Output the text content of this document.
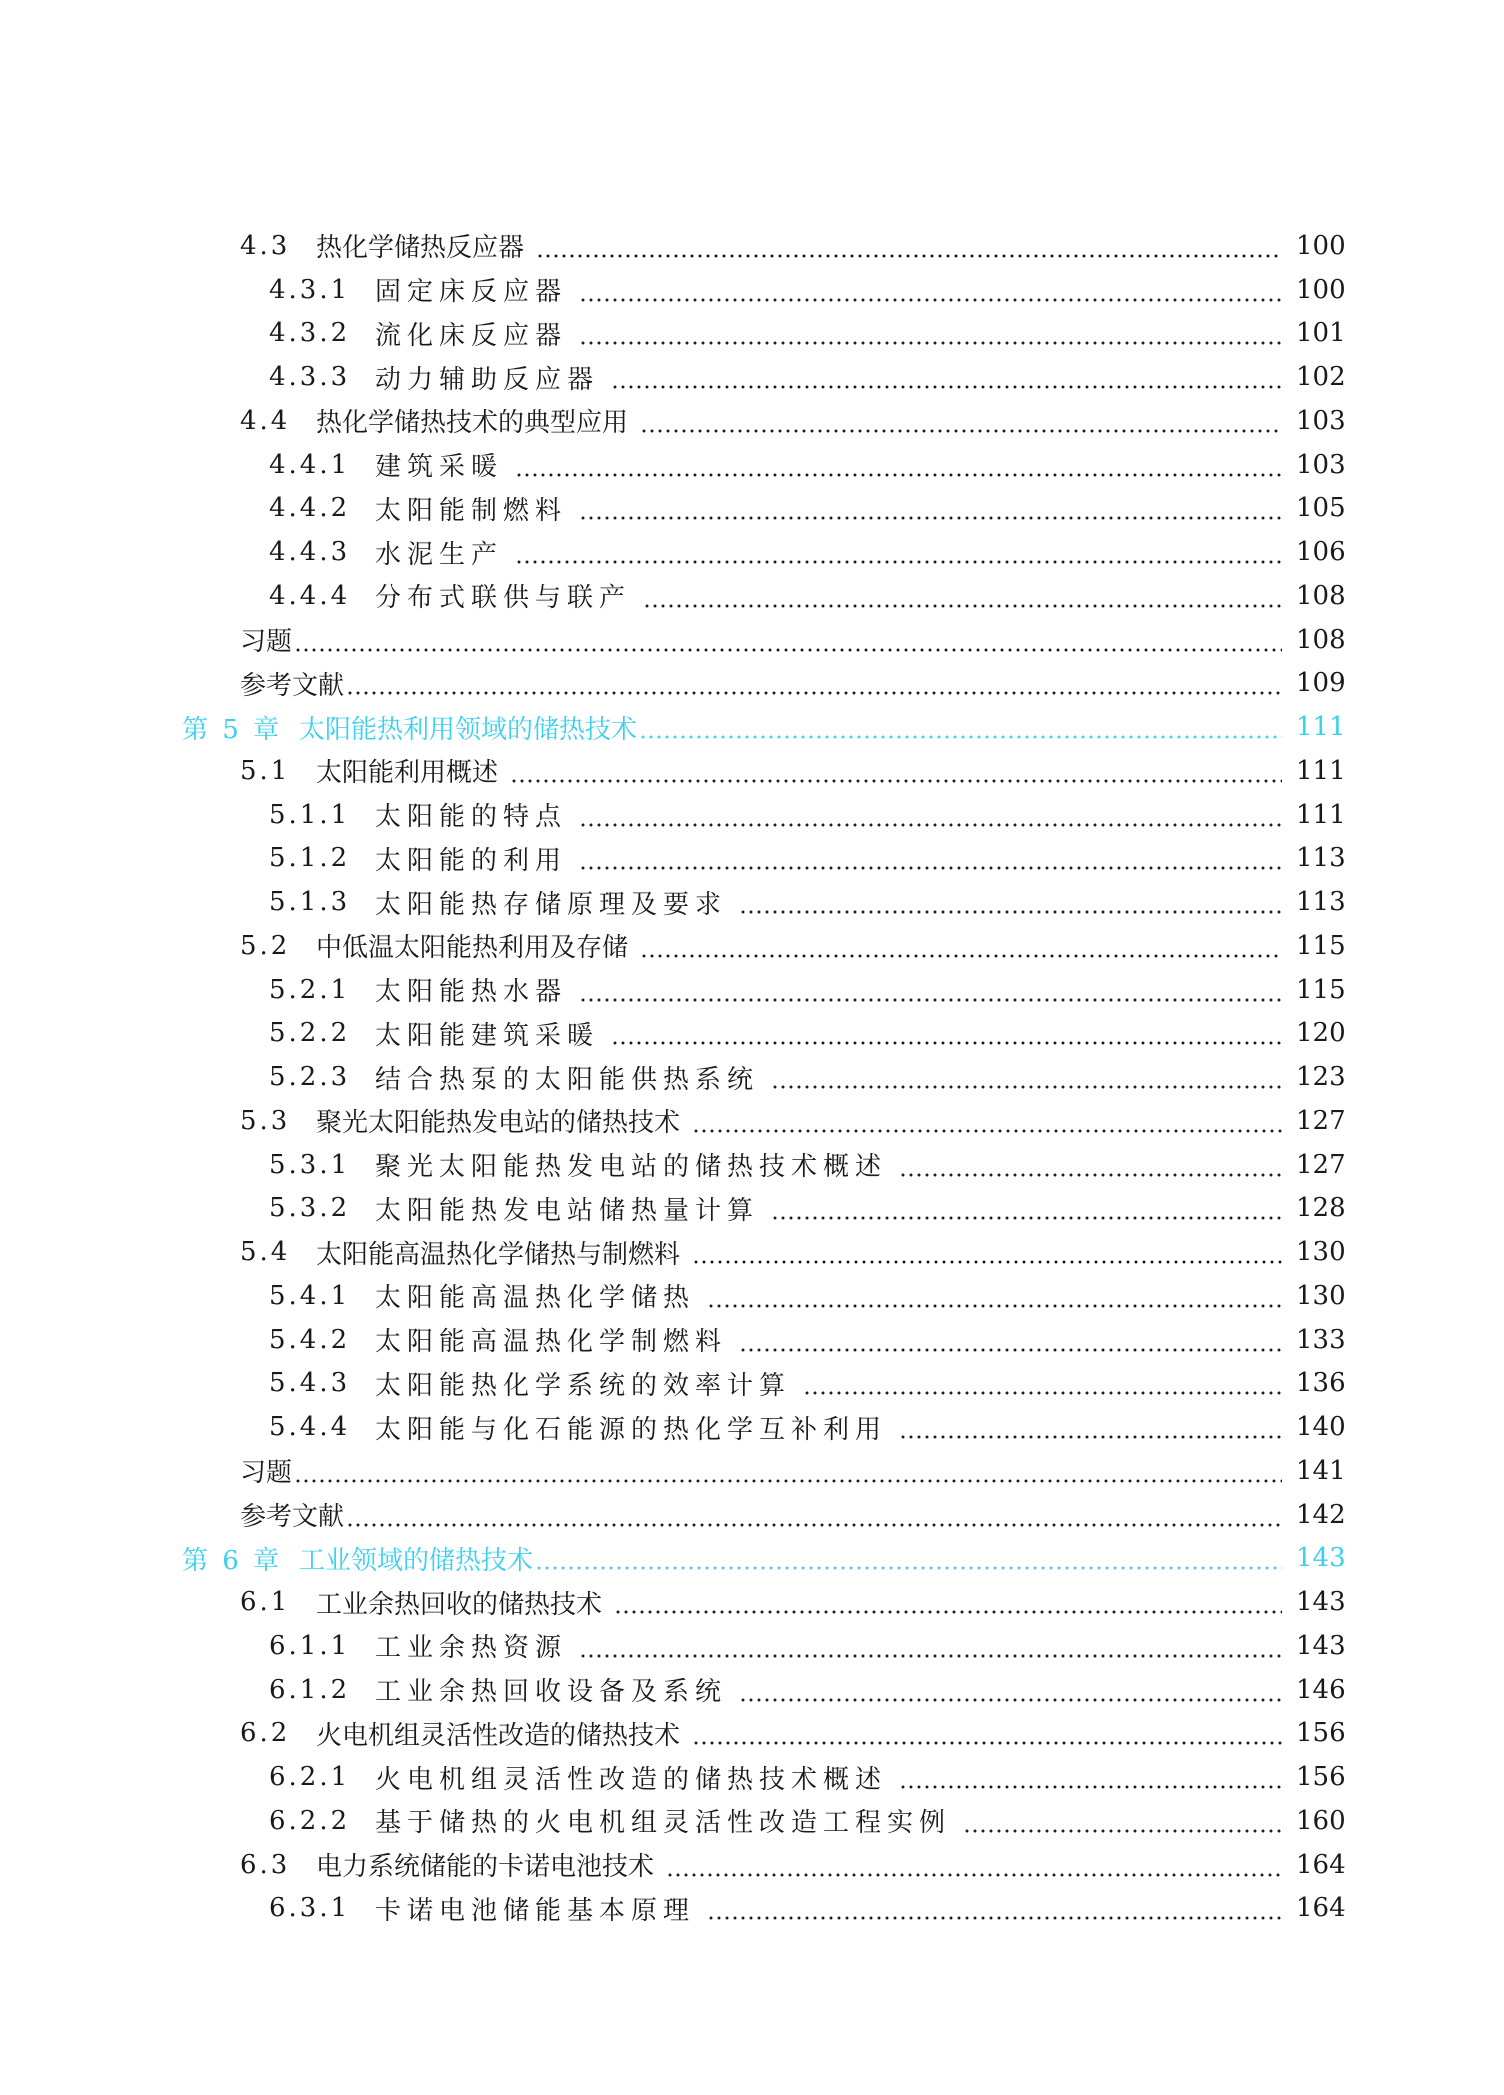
4.3 热化学储热反应器	100
4.3.1 固定床反应器	100
4.3.2 流化床反应器	101
4.3.3 动力辅助反应器	102
4.4 热化学储热技术的典型应用	103
4.4.1 建筑采暖	103
4.4.2 太阳能制燃料	105
4.4.3 水泥生产	106
4.4.4 分布式联供与联产	108
习题	108
参考文献	109
第 5 章 太阳能热利用领域的储热技术	111
5.1 太阳能利用概述	111
5.1.1 太阳能的特点	111
5.1.2 太阳能的利用	113
5.1.3 太阳能热存储原理及要求	113
5.2 中低温太阳能热利用及存储	115
5.2.1 太阳能热水器	115
5.2.2 太阳能建筑采暖	120
5.2.3 结合热泵的太阳能供热系统	123
5.3 聚光太阳能热发电站的储热技术	127
5.3.1 聚光太阳能热发电站的储热技术概述	127
5.3.2 太阳能热发电站储热量计算	128
5.4 太阳能高温热化学储热与制燃料	130
5.4.1 太阳能高温热化学储热	130
5.4.2 太阳能高温热化学制燃料	133
5.4.3 太阳能热化学系统的效率计算	136
5.4.4 太阳能与化石能源的热化学互补利用	140
习题	141
参考文献	142
第 6 章 工业领域的储热技术	143
6.1 工业余热回收的储热技术	143
6.1.1 工业余热资源	143
6.1.2 工业余热回收设备及系统	146
6.2 火电机组灵活性改造的储热技术	156
6.2.1 火电机组灵活性改造的储热技术概述	156
6.2.2 基于储热的火电机组灵活性改造工程实例	160
6.3 电力系统储能的卡诺电池技术	164
6.3.1 卡诺电池储能基本原理	164
